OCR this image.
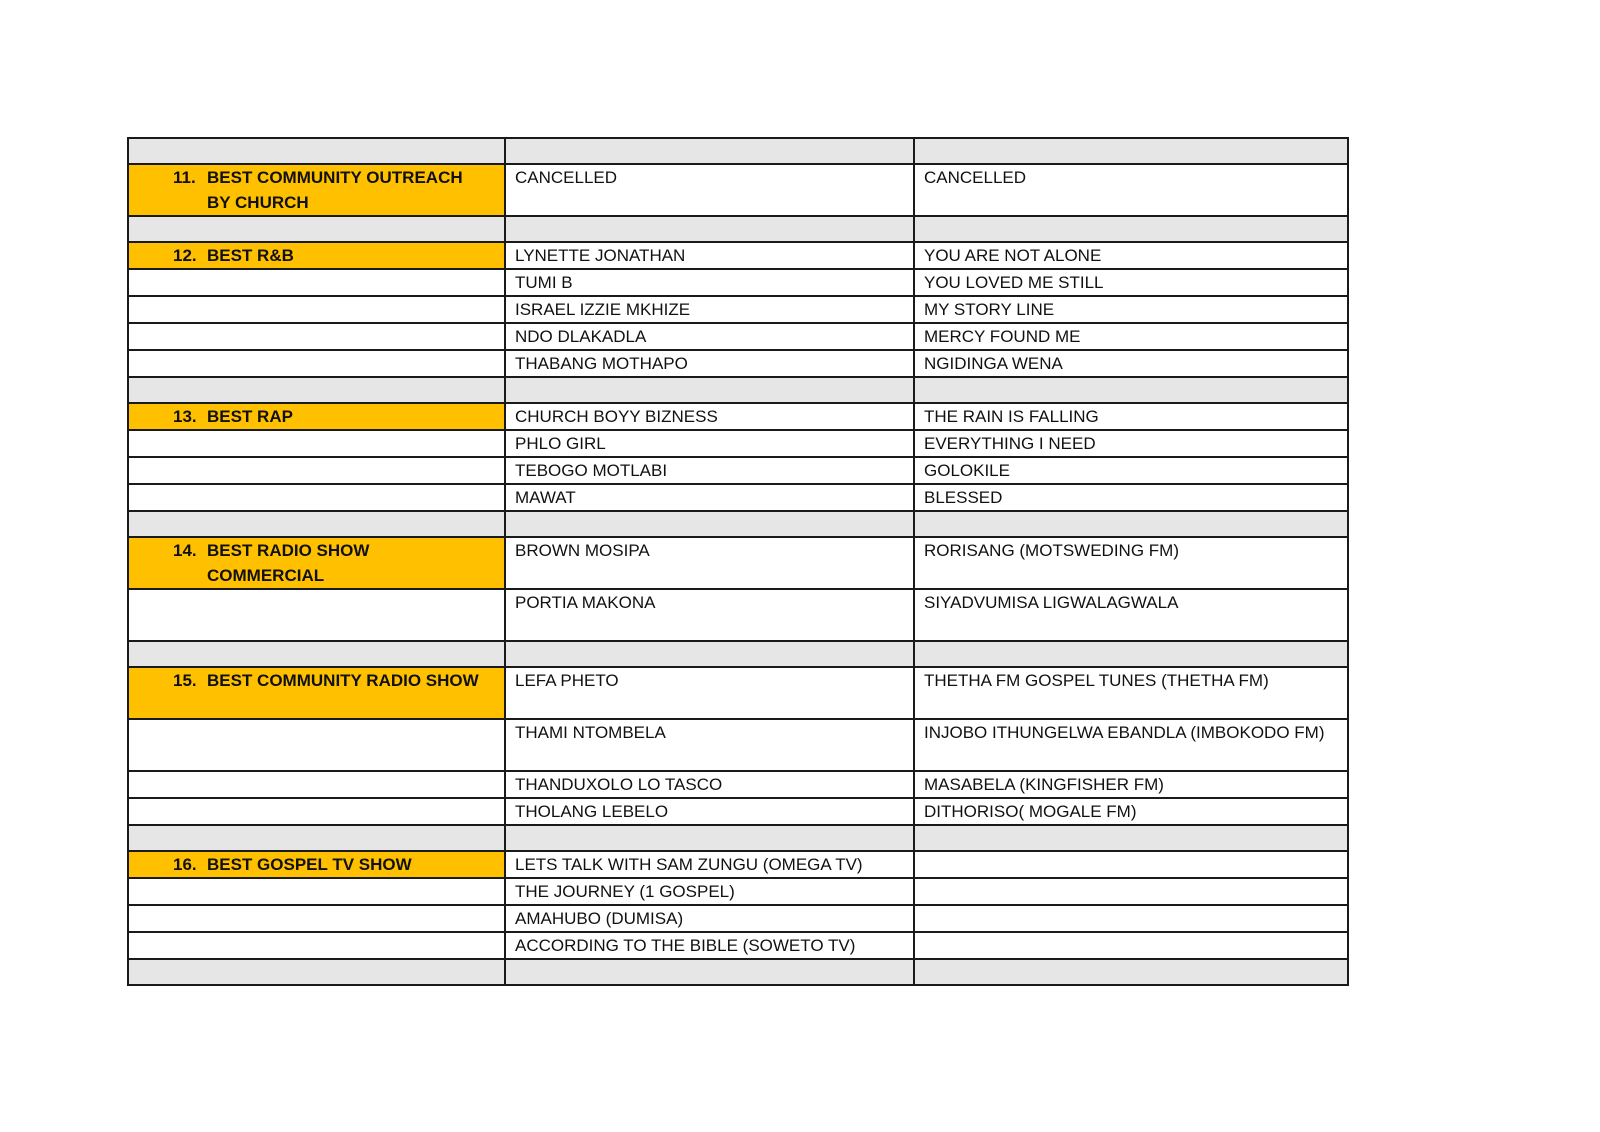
11. BEST COMMUNITY OUTREACH BY CHURCH	CANCELLED	CANCELLED

12. BEST R&B	LYNETTE JONATHAN	YOU ARE NOT ALONE
	TUMI B	YOU LOVED ME STILL
	ISRAEL IZZIE MKHIZE	MY STORY LINE
	NDO DLAKADLA	MERCY FOUND ME
	THABANG MOTHAPO	NGIDINGA WENA

13. BEST RAP	CHURCH BOYY BIZNESS	THE RAIN IS FALLING
	PHLO GIRL	EVERYTHING I NEED
	TEBOGO MOTLABI	GOLOKILE
	MAWAT	BLESSED

14. BEST RADIO SHOW COMMERCIAL	BROWN MOSIPA	RORISANG (MOTSWEDING FM)
	PORTIA MAKONA	SIYADVUMISA LIGWALAGWALA

15. BEST COMMUNITY RADIO SHOW	LEFA PHETO	THETHA FM GOSPEL TUNES (THETHA FM)
	THAMI NTOMBELA	INJOBO ITHUNGELWA EBANDLA (IMBOKODO FM)
	THANDUXOLO LO TASCO	MASABELA (KINGFISHER FM)
	THOLANG LEBELO	DITHORISO( MOGALE FM)

16. BEST GOSPEL TV SHOW	LETS TALK WITH SAM ZUNGU (OMEGA TV)	
	THE JOURNEY (1 GOSPEL)	
	AMAHUBO (DUMISA)	
	ACCORDING TO THE BIBLE (SOWETO TV)	
